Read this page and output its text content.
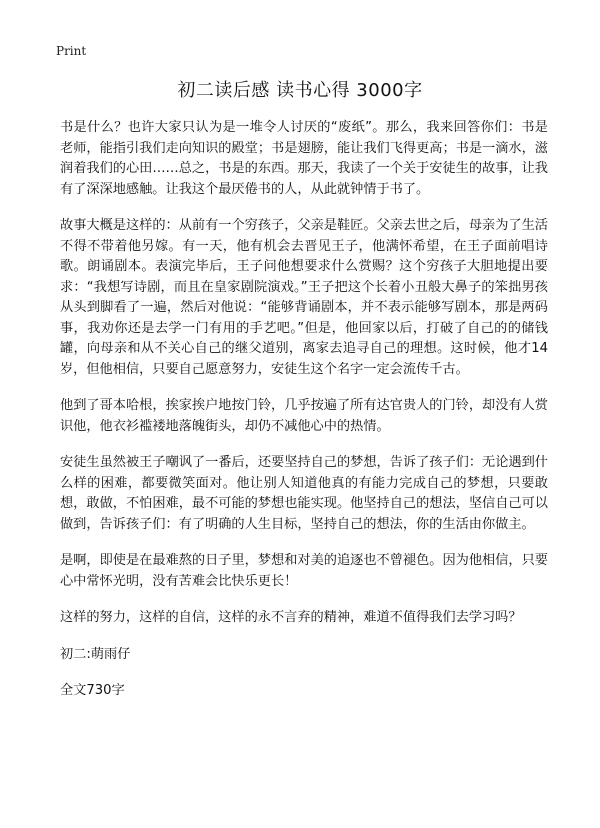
Print
初二读后感 读书心得 3000字

书是什么？也许大家只认为是一堆令人讨厌的“废纸”。那么，我来回答你们：书是老师，能指引我们走向知识的殿堂；书是翅膀，能让我们飞得更高；书是一滴水，滋润着我们的心田……总之，书是的东西。那天，我读了一个关于安徒生的故事，让我有了深深地感触。让我这个最厌倦书的人，从此就钟情于书了。

故事大概是这样的：从前有一个穷孩子，父亲是鞋匠。父亲去世之后，母亲为了生活不得不带着他另嫁。有一天，他有机会去晋见王子，他满怀希望，在王子面前唱诗歌。朗诵剧本。表演完毕后，王子问他想要求什么赏赐？这个穷孩子大胆地提出要求：“我想写诗剧，而且在皇家剧院演戏。”王子把这个长着小丑般大鼻子的笨拙男孩从头到脚看了一遍，然后对他说：“能够背诵剧本，并不表示能够写剧本，那是两码事，我劝你还是去学一门有用的手艺吧。”但是，他回家以后，打破了自己的的储钱罐，向母亲和从不关心自己的继父道别，离家去追寻自己的理想。这时候，他才14岁，但他相信，只要自己愿意努力，安徒生这个名字一定会流传千古。

他到了哥本哈根，挨家挨户地按门铃，几乎按遍了所有达官贵人的门铃，却没有人赏识他，他衣衫褴褛地落魄街头，却仍不减他心中的热情。

安徒生虽然被王子嘲讽了一番后，还要坚持自己的梦想，告诉了孩子们：无论遇到什么样的困难，都要微笑面对。他让别人知道他真的有能力完成自己的梦想，只要敢想，敢做，不怕困难，最不可能的梦想也能实现。他坚持自己的想法，坚信自己可以做到，告诉孩子们：有了明确的人生目标，坚持自己的想法，你的生活由你做主。

是啊，即使是在最难熬的日子里，梦想和对美的追逐也不曾褪色。因为他相信，只要心中常怀光明，没有苦难会比快乐更长！

这样的努力，这样的自信，这样的永不言弃的精神，难道不值得我们去学习吗？

初二:萌雨仔

全文730字
